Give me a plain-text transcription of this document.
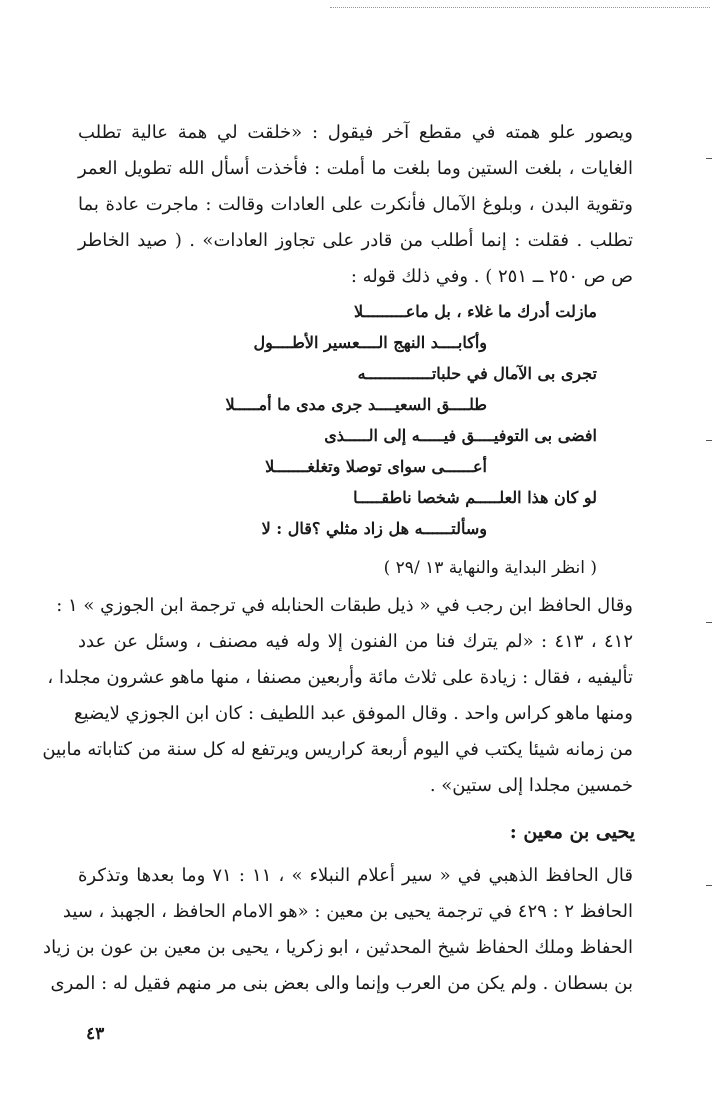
ويصور علو همته في مقطع آخر فيقول : «خلقت لي همة عالية تطلب
الغايات ، بلغت الستين وما بلغت ما أملت : فأخذت أسأل الله تطويل العمر
وتقوية البدن ، وبلوغ الآمال فأنكرت على العادات وقالت : ماجرت عادة بما
تطلب . فقلت : إنما أطلب من قادر على تجاوز العادات» . ( صيد الخاطر
ص ص ٢٥٠ ــ ٢٥١ ) . وفي ذلك قوله :
مازلت أدرك ما غلاء ، بل ماعـــــــــلا
وأكابــــد النهج الــــعسير الأطــــول
تجرى بى الآمال في حلباتــــــــــــــه
طلــــق السعيــــد جرى مدى ما أمـــــلا
افضى بى التوفيــــق فيـــــه إلى الـــــذى
أعــــــى سواى توصلا وتغلغـــــــلا
لو كان هذا العلـــــم شخصا ناطقـــــا
وسألتــــــه هل زاد مثلي ؟قال : لا
( انظر البداية والنهاية ١٣ /٢٩ )
وقال الحافظ ابن رجب في « ذيل طبقات الحنابله في ترجمة ابن الجوزي » ١ :
٤١٢ ، ٤١٣ : «لم يترك فنا من الفنون إلا وله فيه مصنف ، وسئل عن عدد
تأليفيه ، فقال : زيادة على ثلاث مائة وأربعين مصنفا ، منها ماهو عشرون مجلدا ،
ومنها ماهو كراس واحد . وقال الموفق عبد اللطيف : كان ابن الجوزي لايضيع
من زمانه شيئا يكتب في اليوم أربعة كراريس ويرتفع له كل سنة من كتاباته مابين
خمسين مجلدا إلى ستين» .
يحيى بن معين :
قال الحافظ الذهبي في « سير أعلام النبلاء » ، ١١ : ٧١ وما بعدها وتذكرة
الحافظ ٢ : ٤٢٩ في ترجمة يحيى بن معين : «هو الامام الحافظ ، الجهبذ ، سيد
الحفاظ وملك الحفاظ شيخ المحدثين ، ابو زكريا ، يحيى بن معين بن عون بن زياد
بن بسطان . ولم يكن من العرب وإنما والى بعض بنى مر منهم فقيل له : المرى
٤٣
